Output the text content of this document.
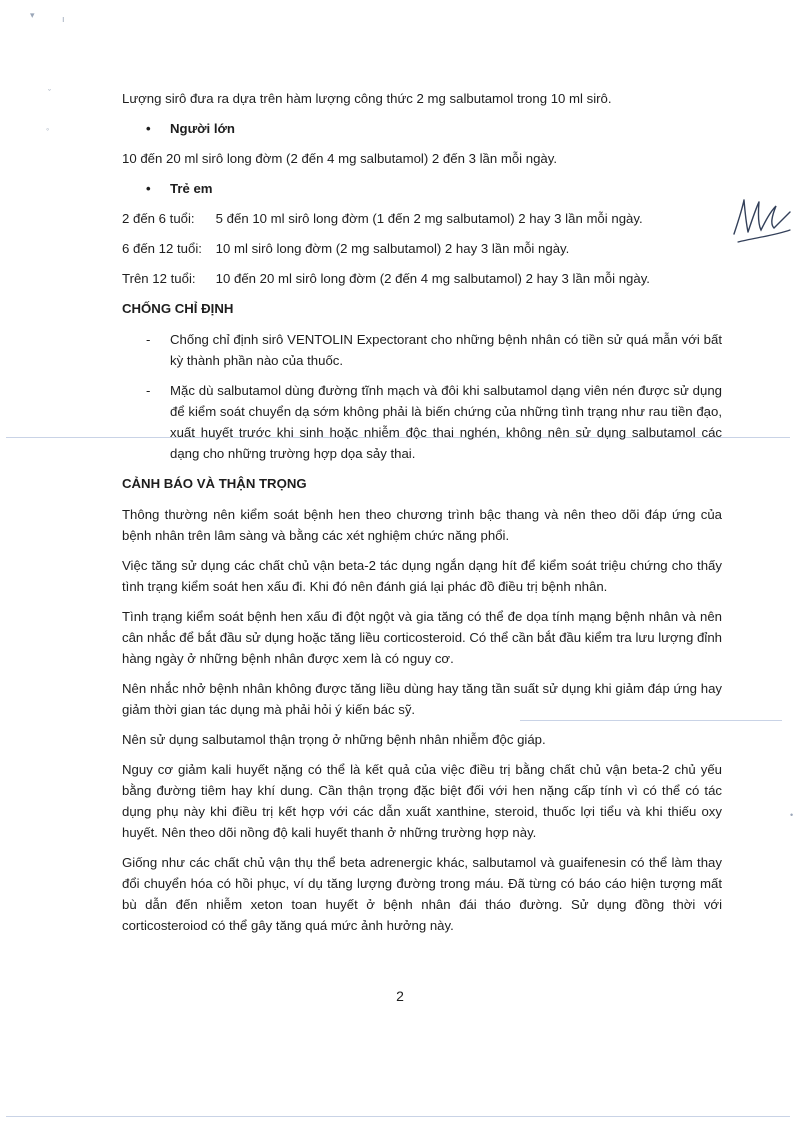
▾	ı
ˇ
◦
•

Lượng sirô đưa ra dựa trên hàm lượng công thức 2 mg salbutamol trong 10 ml sirô.

• Người lớn

10 đến 20 ml sirô long đờm (2 đến 4 mg salbutamol) 2 đến 3 lần mỗi ngày.

• Trẻ em

2 đến 6 tuổi: 5 đến 10 ml sirô long đờm (1 đến 2 mg salbutamol) 2 hay 3 lần mỗi ngày.

6 đến 12 tuổi: 10 ml sirô long đờm (2 mg salbutamol) 2 hay 3 lần mỗi ngày.

Trên 12 tuổi: 10 đến 20 ml sirô long đờm (2 đến 4 mg salbutamol) 2 hay 3 lần mỗi ngày.

CHỐNG CHỈ ĐỊNH

- Chống chỉ định sirô VENTOLIN Expectorant cho những bệnh nhân có tiền sử quá mẫn với bất kỳ thành phần nào của thuốc.
- Mặc dù salbutamol dùng đường tĩnh mạch và đôi khi salbutamol dạng viên nén được sử dụng để kiểm soát chuyển dạ sớm không phải là biến chứng của những tình trạng như rau tiền đạo, xuất huyết trước khi sinh hoặc nhiễm độc thai nghén, không nên sử dụng salbutamol các dạng cho những trường hợp dọa sảy thai.

CẢNH BÁO VÀ THẬN TRỌNG

Thông thường nên kiểm soát bệnh hen theo chương trình bậc thang và nên theo dõi đáp ứng của bệnh nhân trên lâm sàng và bằng các xét nghiệm chức năng phổi.

Việc tăng sử dụng các chất chủ vận beta-2 tác dụng ngắn dạng hít để kiểm soát triệu chứng cho thấy tình trạng kiểm soát hen xấu đi. Khi đó nên đánh giá lại phác đồ điều trị bệnh nhân.

Tình trạng kiểm soát bệnh hen xấu đi đột ngột và gia tăng có thể đe dọa tính mạng bệnh nhân và nên cân nhắc để bắt đầu sử dụng hoặc tăng liều corticosteroid. Có thể cần bắt đầu kiểm tra lưu lượng đỉnh hàng ngày ở những bệnh nhân được xem là có nguy cơ.

Nên nhắc nhở bệnh nhân không được tăng liều dùng hay tăng tần suất sử dụng khi giảm đáp ứng hay giảm thời gian tác dụng mà phải hỏi ý kiến bác sỹ.

Nên sử dụng salbutamol thận trọng ở những bệnh nhân nhiễm độc giáp.

Nguy cơ giảm kali huyết nặng có thể là kết quả của việc điều trị bằng chất chủ vận beta-2 chủ yếu bằng đường tiêm hay khí dung. Cần thận trọng đặc biệt đối với hen nặng cấp tính vì có thể có tác dụng phụ này khi điều trị kết hợp với các dẫn xuất xanthine, steroid, thuốc lợi tiểu và khi thiếu oxy huyết. Nên theo dõi nồng độ kali huyết thanh ở những trường hợp này.

Giống như các chất chủ vận thụ thể beta adrenergic khác, salbutamol và guaifenesin có thể làm thay đổi chuyển hóa có hồi phục, ví dụ tăng lượng đường trong máu. Đã từng có báo cáo hiện tượng mất bù dẫn đến nhiễm xeton toan huyết ở bệnh nhân đái tháo đường. Sử dụng đồng thời với corticosteroiod có thể gây tăng quá mức ảnh hưởng này.

2
